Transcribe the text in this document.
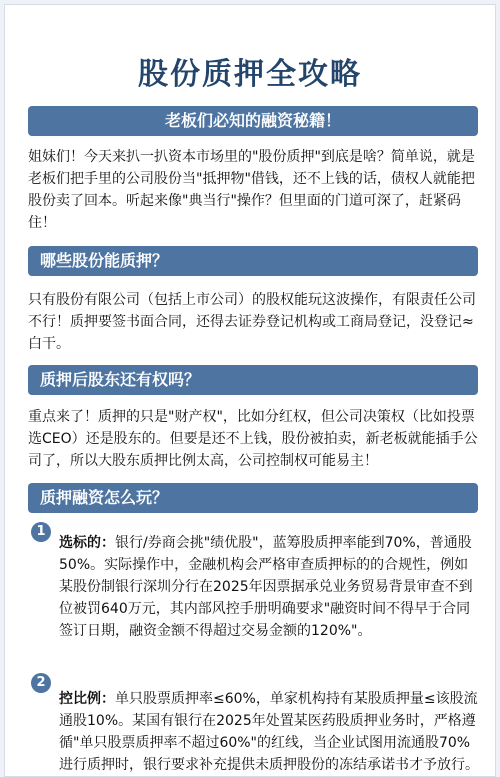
股份质押全攻略
老板们必知的融资秘籍！
姐妹们！今天来扒一扒资本市场里的"股份质押"到底是啥？简单说，就是老板们把手里的公司股份当"抵押物"借钱，还不上钱的话，债权人就能把股份卖了回本。听起来像"典当行"操作？但里面的门道可深了，赶紧码住！
哪些股份能质押？
只有股份有限公司（包括上市公司）的股权能玩这波操作，有限责任公司不行！质押要签书面合同，还得去证券登记机构或工商局登记，没登记≈白干。
质押后股东还有权吗？
重点来了！质押的只是"财产权"，比如分红权，但公司决策权（比如投票选CEO）还是股东的。但要是还不上钱，股份被拍卖，新老板就能插手公司了，所以大股东质押比例太高，公司控制权可能易主！
质押融资怎么玩？
1
选标的：银行/券商会挑"绩优股"，蓝筹股质押率能到70%，普通股50%。实际操作中，金融机构会严格审查质押标的的合规性，例如某股份制银行深圳分行在2025年因票据承兑业务贸易背景审查不到位被罚640万元，其内部风控手册明确要求"融资时间不得早于合同签订日期，融资金额不得超过交易金额的120%"。
2
控比例：单只股票质押率≤60%，单家机构持有某股质押量≤该股流通股10%。某国有银行在2025年处置某医药股质押业务时，严格遵循"单只股票质押率不超过60%"的红线，当企业试图用流通股70%进行质押时，银行要求补充提供未质押股份的冻结承诺书才予放行。
